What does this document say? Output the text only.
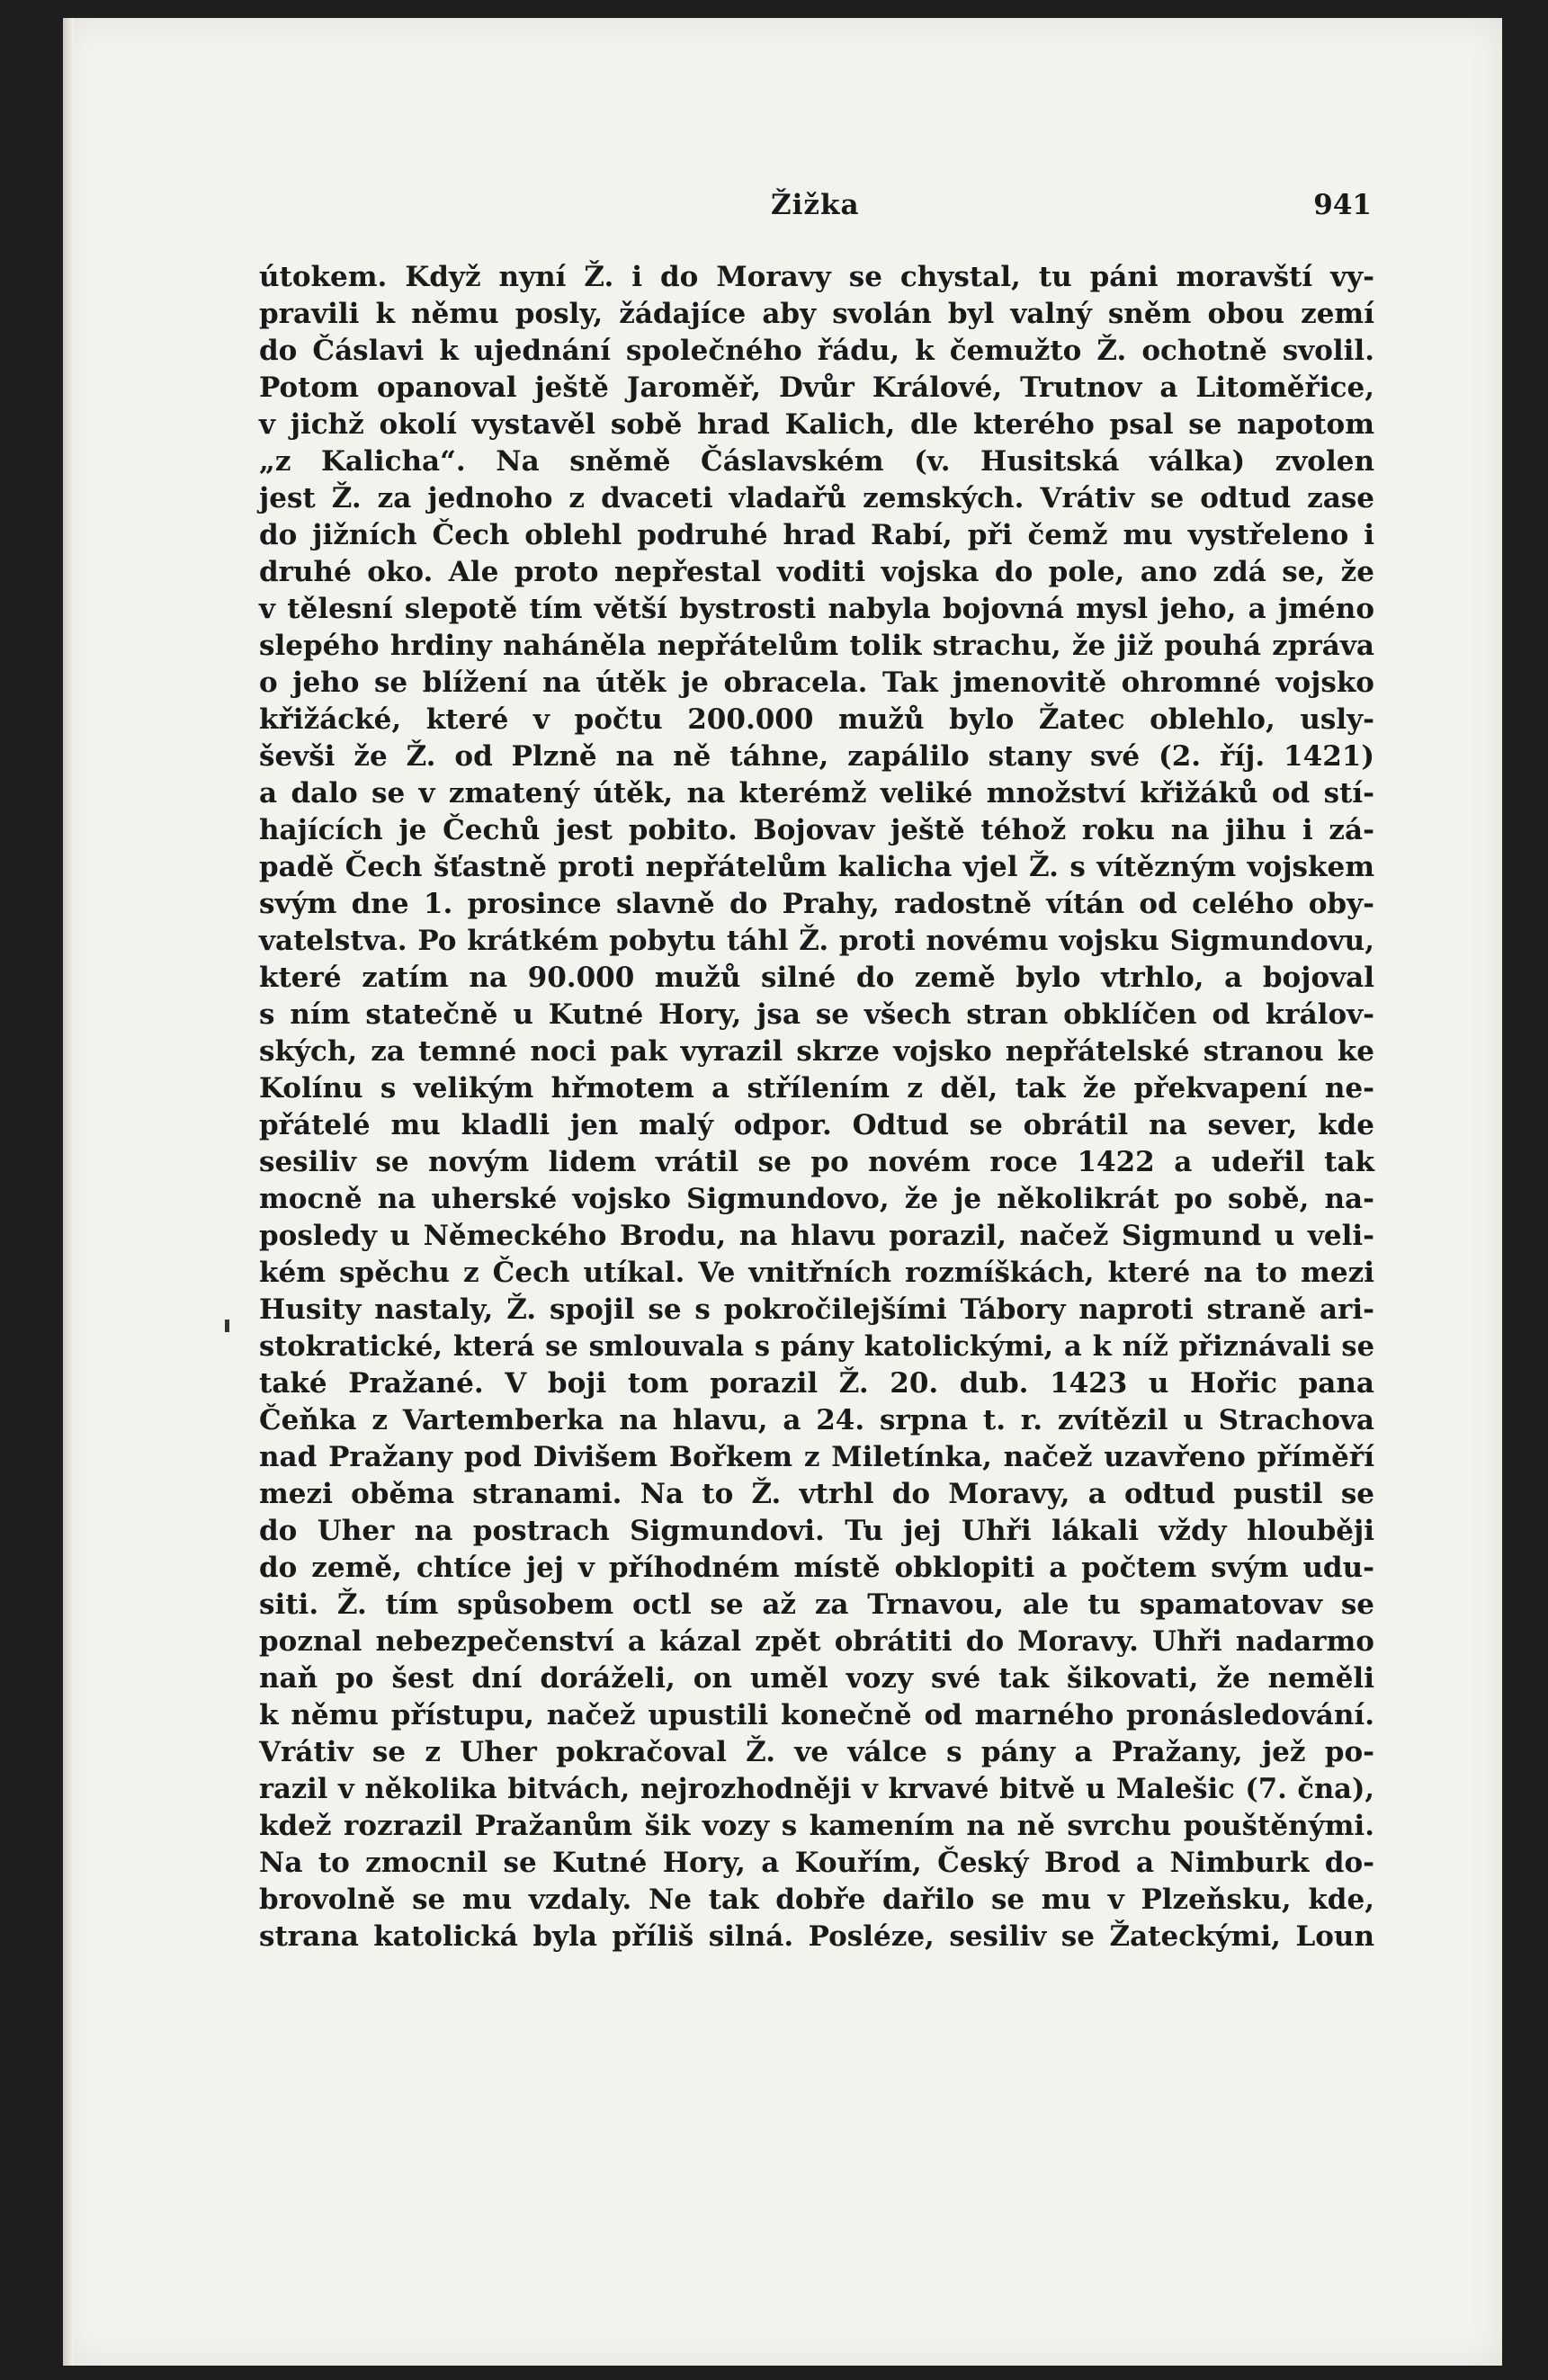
Žižka	941
útokem. Když nyní Ž. i do Moravy se chystal, tu páni moravští vy-
pravili k němu posly, žádajíce aby svolán byl valný sněm obou zemí
do Čáslavi k ujednání společného řádu, k čemužto Ž. ochotně svolil.
Potom opanoval ještě Jaroměř, Dvůr Králové, Trutnov a Litoměřice,
v jichž okolí vystavěl sobě hrad Kalich, dle kterého psal se napotom
„z Kalicha“. Na sněmě Čáslavském (v. Husitská válka) zvolen
jest Ž. za jednoho z dvaceti vladařů zemských. Vrátiv se odtud zase
do jižních Čech oblehl podruhé hrad Rabí, při čemž mu vystřeleno i
druhé oko. Ale proto nepřestal voditi vojska do pole, ano zdá se, že
v tělesní slepotě tím větší bystrosti nabyla bojovná mysl jeho, a jméno
slepého hrdiny naháněla nepřátelům tolik strachu, že již pouhá zpráva
o jeho se blížení na útěk je obracela. Tak jmenovitě ohromné vojsko
křižácké, které v počtu 200.000 mužů bylo Žatec oblehlo, usly-
ševši že Ž. od Plzně na ně táhne, zapálilo stany své (2. říj. 1421)
a dalo se v zmatený útěk, na kterémž veliké množství křižáků od stí-
hajících je Čechů jest pobito. Bojovav ještě téhož roku na jihu i zá-
padě Čech šťastně proti nepřátelům kalicha vjel Ž. s vítězným vojskem
svým dne 1. prosince slavně do Prahy, radostně vítán od celého oby-
vatelstva. Po krátkém pobytu táhl Ž. proti novému vojsku Sigmundovu,
které zatím na 90.000 mužů silné do země bylo vtrhlo, a bojoval
s ním statečně u Kutné Hory, jsa se všech stran obklíčen od králov-
ských, za temné noci pak vyrazil skrze vojsko nepřátelské stranou ke
Kolínu s velikým hřmotem a střílením z děl, tak že překvapení ne-
přátelé mu kladli jen malý odpor. Odtud se obrátil na sever, kde
sesiliv se novým lidem vrátil se po novém roce 1422 a udeřil tak
mocně na uherské vojsko Sigmundovo, že je několikrát po sobě, na-
posledy u Německého Brodu, na hlavu porazil, načež Sigmund u veli-
kém spěchu z Čech utíkal. Ve vnitřních rozmíškách, které na to mezi
Husity nastaly, Ž. spojil se s pokročilejšími Tábory naproti straně ari-
stokratické, která se smlouvala s pány katolickými, a k níž přiznávali se
také Pražané. V boji tom porazil Ž. 20. dub. 1423 u Hořic pana
Čeňka z Vartemberka na hlavu, a 24. srpna t. r. zvítězil u Strachova
nad Pražany pod Divišem Bořkem z Miletínka, načež uzavřeno příměří
mezi oběma stranami. Na to Ž. vtrhl do Moravy, a odtud pustil se
do Uher na postrach Sigmundovi. Tu jej Uhři lákali vždy hlouběji
do země, chtíce jej v příhodném místě obklopiti a počtem svým udu-
siti. Ž. tím spůsobem octl se až za Trnavou, ale tu spamatovav se
poznal nebezpečenství a kázal zpět obrátiti do Moravy. Uhři nadarmo
naň po šest dní doráželi, on uměl vozy své tak šikovati, že neměli
k němu přístupu, načež upustili konečně od marného pronásledování.
Vrátiv se z Uher pokračoval Ž. ve válce s pány a Pražany, jež po-
razil v několika bitvách, nejrozhodněji v krvavé bitvě u Malešic (7. čna),
kdež rozrazil Pražanům šik vozy s kamením na ně svrchu pouštěnými.
Na to zmocnil se Kutné Hory, a Kouřím, Český Brod a Nimburk do-
brovolně se mu vzdaly. Ne tak dobře dařilo se mu v Plzeňsku, kde,
strana katolická byla příliš silná. Posléze, sesiliv se Žateckými, Loun
